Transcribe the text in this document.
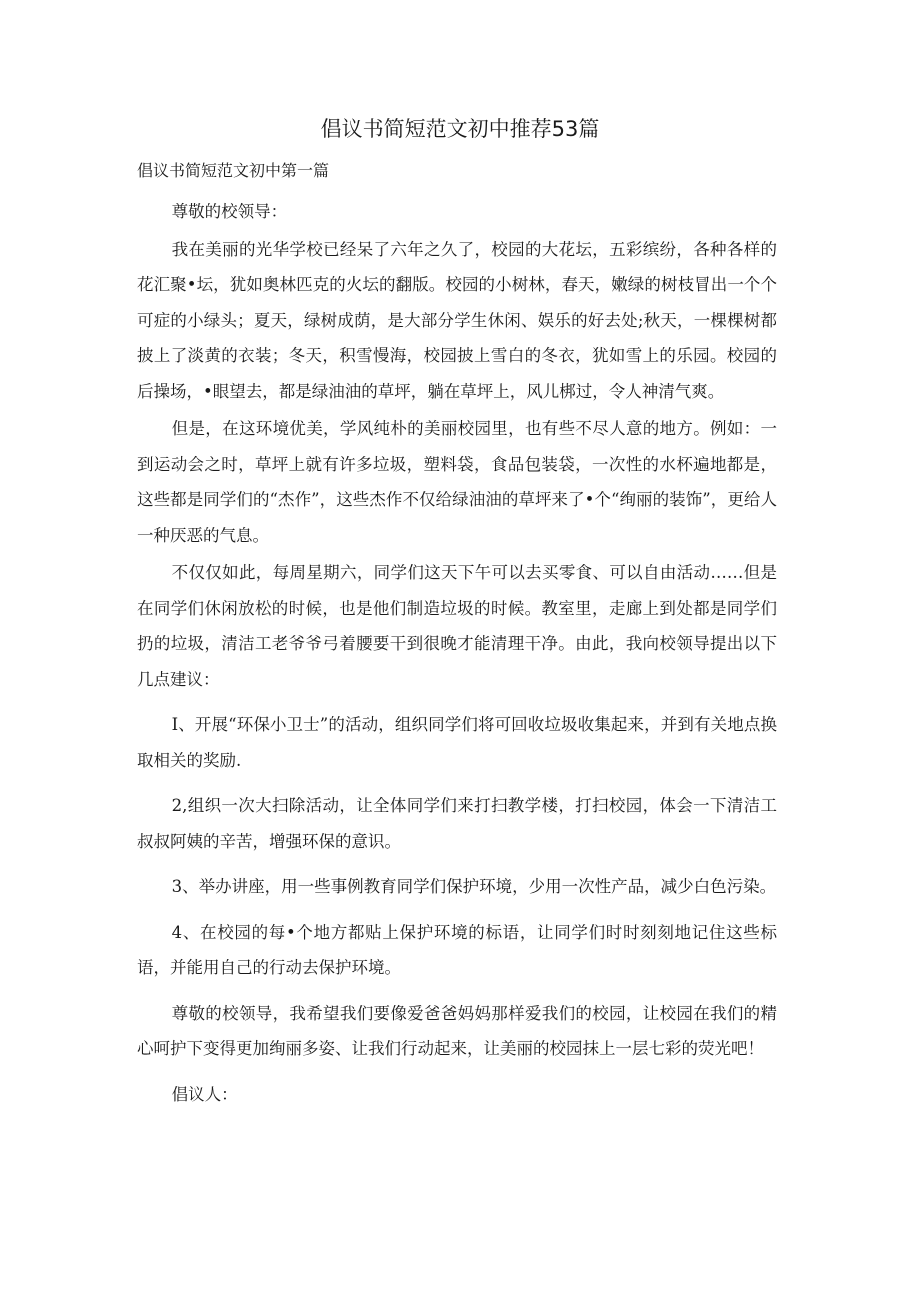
倡议书简短范文初中推荐53篇

倡议书简短范文初中第一篇

尊敬的校领导：

我在美丽的光华学校已经呆了六年之久了，校园的大花坛，五彩缤纷，各种各样的花汇聚•坛，犹如奥林匹克的火坛的翻版。校园的小树林，春天，嫩绿的树枝冒出一个个可症的小绿头；夏天，绿树成荫，是大部分学生休闲、娱乐的好去处;秋天，一棵棵树都披上了淡黄的衣装；冬天，积雪慢海，校园披上雪白的冬衣，犹如雪上的乐园。校园的后操场，•眼望去，都是绿油油的草坪，躺在草坪上，风儿梆过，令人神清气爽。

但是，在这环境优美，学风纯朴的美丽校园里，也有些不尽人意的地方。例如：一到运动会之时，草坪上就有许多垃圾，塑料袋，食品包装袋，一次性的水杯遍地都是，这些都是同学们的“杰作”，这些杰作不仅给绿油油的草坪来了•个“绚丽的装饰”，更给人一种厌恶的气息。

不仅仅如此，每周星期六，同学们这天下午可以去买零食、可以自由活动……但是在同学们休闲放松的时候，也是他们制造垃圾的时候。教室里，走廊上到处都是同学们扔的垃圾，清洁工老爷爷弓着腰要干到很晚才能清理干净。由此，我向校领导提出以下几点建议：

I、开展“环保小卫士”的活动，组织同学们将可回收垃圾收集起来，并到有关地点换取相关的奖励.

2,组织一次大扫除活动，让全体同学们来打扫教学楼，打扫校园，体会一下清洁工叔叔阿姨的辛苦，增强环保的意识。

3、举办讲座，用一些事例教育同学们保护环境，少用一次性产品，减少白色污染。

4、在校园的每•个地方都贴上保护环境的标语，让同学们时时刻刻地记住这些标语，并能用自己的行动去保护环境。

尊敬的校领导，我希望我们要像爱爸爸妈妈那样爱我们的校园，让校园在我们的精心呵护下变得更加绚丽多姿、让我们行动起来，让美丽的校园抹上一层七彩的荧光吧！

倡议人：
